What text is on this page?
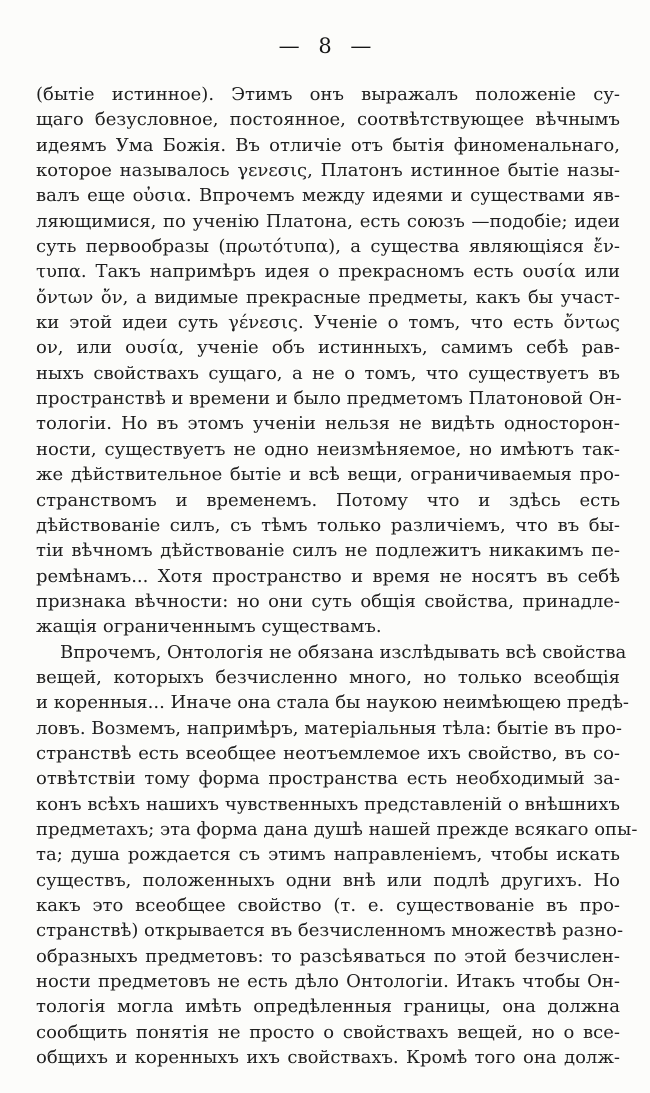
— 8 —
(бытіе истинное). Этимъ онъ выражалъ положеніе су-
щаго безусловное, постоянное, соотвѣтствующее вѣчнымъ
идеямъ Ума Божія. Въ отличіе отъ бытія финоменальнаго,
которое называлось γενεσις, Платонъ истинное бытіе назы-
валъ еще οὐσια. Впрочемъ между идеями и существами яв-
ляющимися, по ученію Платона, есть союзъ —подобіе; идеи
суть первообразы (πρωτότυπα), а существа являющіяся ἔν-
τυπα. Такъ напримѣръ идея о прекрасномъ есть ουσία или
ὄντων ὄν, а видимые прекрасные предметы, какъ бы участ-
ки этой идеи суть γένεσις. Ученіе о томъ, что есть ὄντως
ον, или ουσία, ученіе объ истинныхъ, самимъ себѣ рав-
ныхъ свойствахъ сущаго, а не о томъ, что существуетъ въ
пространствѣ и времени и было предметомъ Платоновой Он-
тологіи. Но въ этомъ ученіи нельзя не видѣть односторон-
ности, существуетъ не одно неизмѣняемое, но имѣютъ так-
же дѣйствительное бытіе и всѣ вещи, ограничиваемыя про-
странствомъ и временемъ. Потому что и здѣсь есть
дѣйствованіе силъ, съ тѣмъ только различіемъ, что въ бы-
тіи вѣчномъ дѣйствованіе силъ не подлежитъ никакимъ пе-
ремѣнамъ... Хотя пространство и время не носятъ въ себѣ
признака вѣчности: но они суть общія свойства, принадле-
жащія ограниченнымъ существамъ.
Впрочемъ, Онтологія не обязана изслѣдывать всѣ свойства
вещей, которыхъ безчисленно много, но только всеобщія
и коренныя... Иначе она стала бы наукою неимѣющею предѣ-
ловъ. Возмемъ, напримѣръ, матеріальныя тѣла: бытіе въ про-
странствѣ есть всеобщее неотъемлемое ихъ свойство, въ со-
отвѣтствіи тому форма пространства есть необходимый за-
конъ всѣхъ нашихъ чувственныхъ представленій о внѣшнихъ
предметахъ; эта форма дана душѣ нашей прежде всякаго опы-
та; душа рождается съ этимъ направленіемъ, чтобы искать
существъ, положенныхъ одни внѣ или подлѣ другихъ. Но
какъ это всеобщее свойство (т. е. существованіе въ про-
странствѣ) открывается въ безчисленномъ множествѣ разно-
образныхъ предметовъ: то разсѣяваться по этой безчислен-
ности предметовъ не есть дѣло Онтологіи. Итакъ чтобы Он-
тологія могла имѣть опредѣленныя границы, она должна
сообщить понятія не просто о свойствахъ вещей, но о все-
общихъ и коренныхъ ихъ свойствахъ. Кромѣ того она долж-
